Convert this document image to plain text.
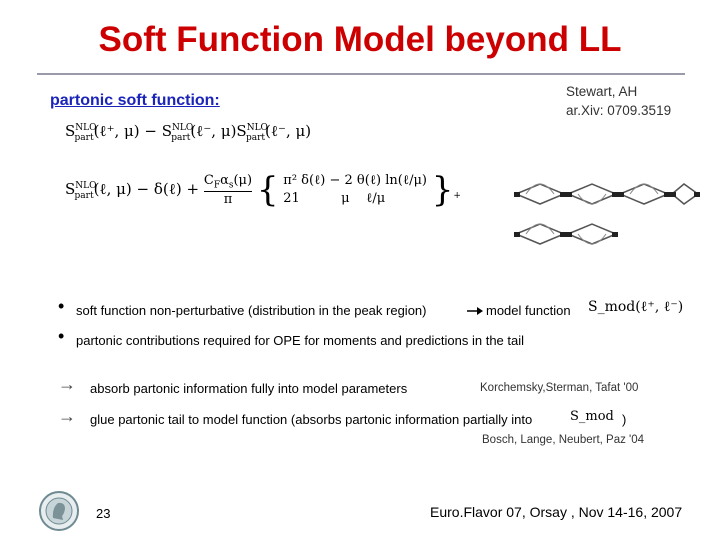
Soft Function Model beyond LL
partonic soft function:
Stewart, AH
ar.Xiv: 0709.3519
$S^{NLO}_{part}(\ell^+$, $\mu) - S^{NLO}_{part}(\ell^-$, $\mu)S^{NLO}_{part}(\ell^-$, μ)
$S^{NLO}_{part}(\ell$, μ) − δ(ℓ) + $C_F\alpha_s(\mu)$
π { π² δ(ℓ) − 2 θ(ℓ) ln(ℓ/μ)
21          μ    ℓ/μ	}$_+$
• soft function non-perturbative (distribution in the peak region)	model function S_mod(ℓ⁺, ℓ⁻)
• partonic contributions required for OPE for moments and predictions in the tail
→ absorb partonic information fully into model parameters	Korchemsky,Sterman, Tafat '00
→ glue partonic tail to model function (absorbs partonic information partially into	S_mod )
Bosch, Lange, Neubert, Paz '04
23	Euro.Flavor 07, Orsay , Nov 14-16, 2007
